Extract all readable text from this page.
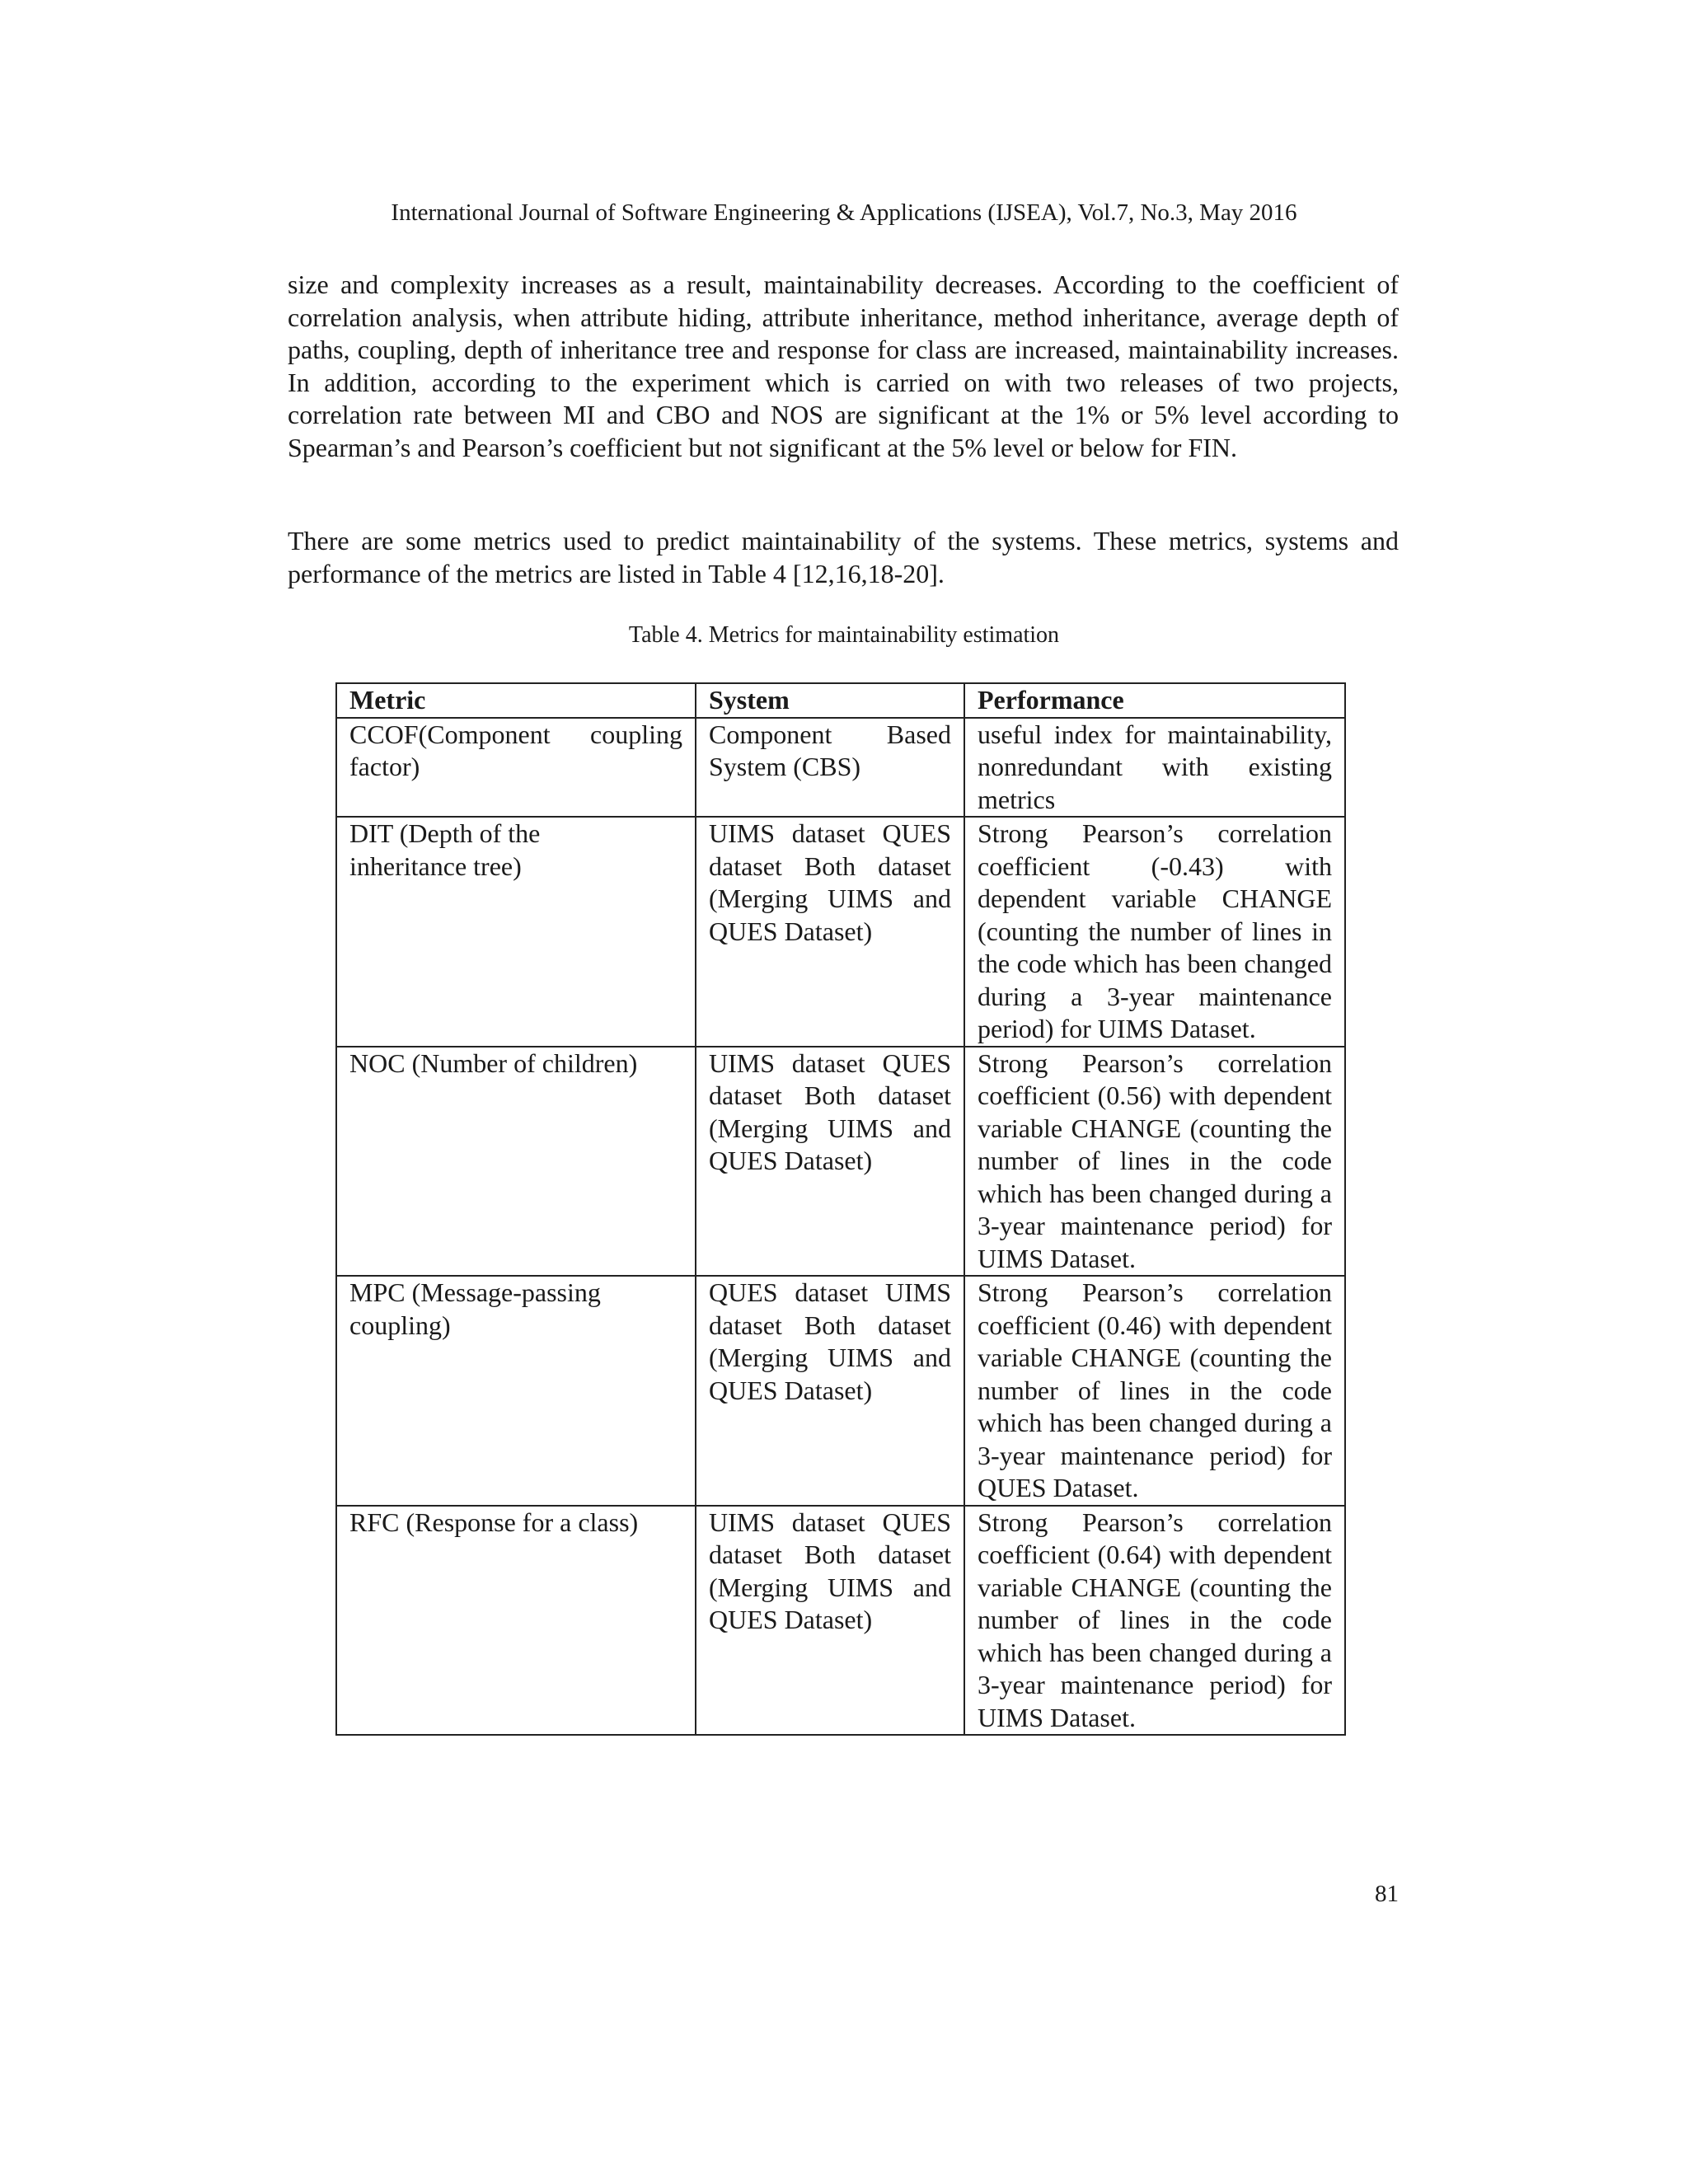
International Journal of Software Engineering & Applications (IJSEA), Vol.7, No.3, May 2016

size and complexity increases as a result, maintainability decreases. According to the coefficient of correlation analysis, when attribute hiding, attribute inheritance, method inheritance, average depth of paths, coupling, depth of inheritance tree and response for class are increased, maintainability increases. In addition, according to the experiment which is carried on with two releases of two projects, correlation rate between MI and CBO and NOS are significant at the 1% or 5% level according to Spearman’s and Pearson’s coefficient but not significant at the 5% level or below for FIN.

There are some metrics used to predict maintainability of the systems. These metrics, systems and performance of the metrics are listed in Table 4 [12,16,18-20].

Table 4. Metrics for maintainability estimation
Metric	System	Performance
CCOF(Component coupling factor)	Component Based System (CBS)	useful index for maintainability, nonredundant with existing metrics
DIT (Depth of the inheritance tree)	UIMS dataset QUES dataset Both dataset (Merging UIMS and QUES Dataset)	Strong Pearson’s correlation coefficient (-0.43) with dependent variable CHANGE (counting the number of lines in the code which has been changed during a 3-year maintenance period) for UIMS Dataset.
NOC (Number of children)	UIMS dataset QUES dataset Both dataset (Merging UIMS and QUES Dataset)	Strong Pearson’s correlation coefficient (0.56) with dependent variable CHANGE (counting the number of lines in the code which has been changed during a 3-year maintenance period) for UIMS Dataset.
MPC (Message-passing coupling)	QUES dataset UIMS dataset Both dataset (Merging UIMS and QUES Dataset)	Strong Pearson’s correlation coefficient (0.46) with dependent variable CHANGE (counting the number of lines in the code which has been changed during a 3-year maintenance period) for QUES Dataset.
RFC (Response for a class)	UIMS dataset QUES dataset Both dataset (Merging UIMS and QUES Dataset)	Strong Pearson’s correlation coefficient (0.64) with dependent variable CHANGE (counting the number of lines in the code which has been changed during a 3-year maintenance period) for UIMS Dataset.
81
